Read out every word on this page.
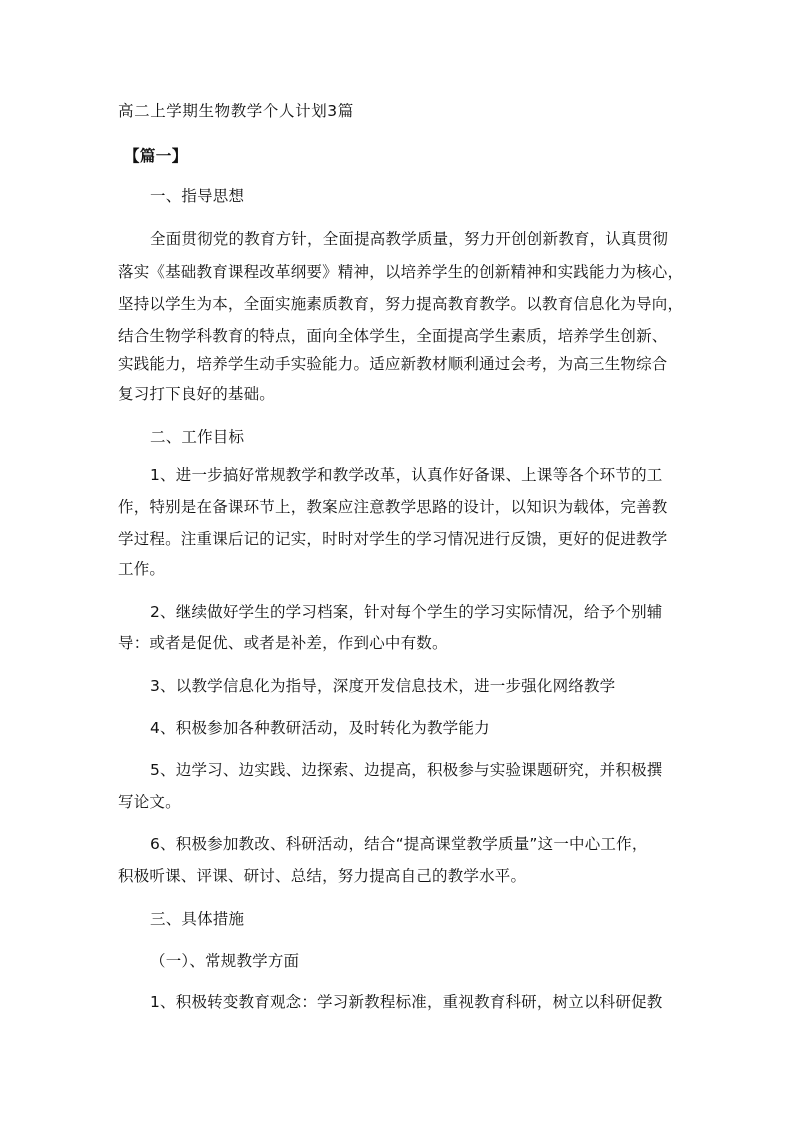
高二上学期生物教学个人计划3篇
【篇一】
一、指导思想
全面贯彻党的教育方针，全面提高教学质量，努力开创创新教育，认真贯彻
落实《基础教育课程改革纲要》精神，以培养学生的创新精神和实践能力为核心，
坚持以学生为本，全面实施素质教育，努力提高教育教学。以教育信息化为导向，
结合生物学科教育的特点，面向全体学生，全面提高学生素质，培养学生创新、
实践能力，培养学生动手实验能力。适应新教材顺利通过会考，为高三生物综合
复习打下良好的基础。
二、工作目标
1、进一步搞好常规教学和教学改革，认真作好备课、上课等各个环节的工
作，特别是在备课环节上，教案应注意教学思路的设计，以知识为载体，完善教
学过程。注重课后记的记实，时时对学生的学习情况进行反馈，更好的促进教学
工作。
2、继续做好学生的学习档案，针对每个学生的学习实际情况，给予个别辅
导：或者是促优、或者是补差，作到心中有数。
3、以教学信息化为指导，深度开发信息技术，进一步强化网络教学
4、积极参加各种教研活动，及时转化为教学能力
5、边学习、边实践、边探索、边提高，积极参与实验课题研究，并积极撰
写论文。
6、积极参加教改、科研活动，结合“提高课堂教学质量”这一中心工作，
积极听课、评课、研讨、总结，努力提高自己的教学水平。
三、具体措施
（一）、常规教学方面
1、积极转变教育观念：学习新教程标准，重视教育科研，树立以科研促教
